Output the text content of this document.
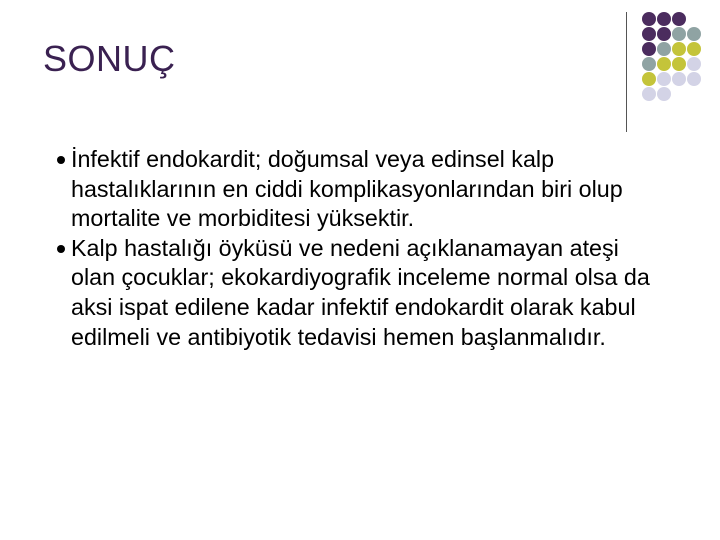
SONUÇ
İnfektif endokardit; doğumsal veya edinsel kalp hastalıklarının en ciddi komplikasyonlarından biri olup mortalite ve morbiditesi yüksektir.
Kalp hastalığı öyküsü ve nedeni açıklanamayan ateşi olan çocuklar; ekokardiyografik inceleme normal olsa da aksi ispat edilene kadar infektif endokardit olarak kabul edilmeli ve antibiyotik tedavisi hemen başlanmalıdır.
